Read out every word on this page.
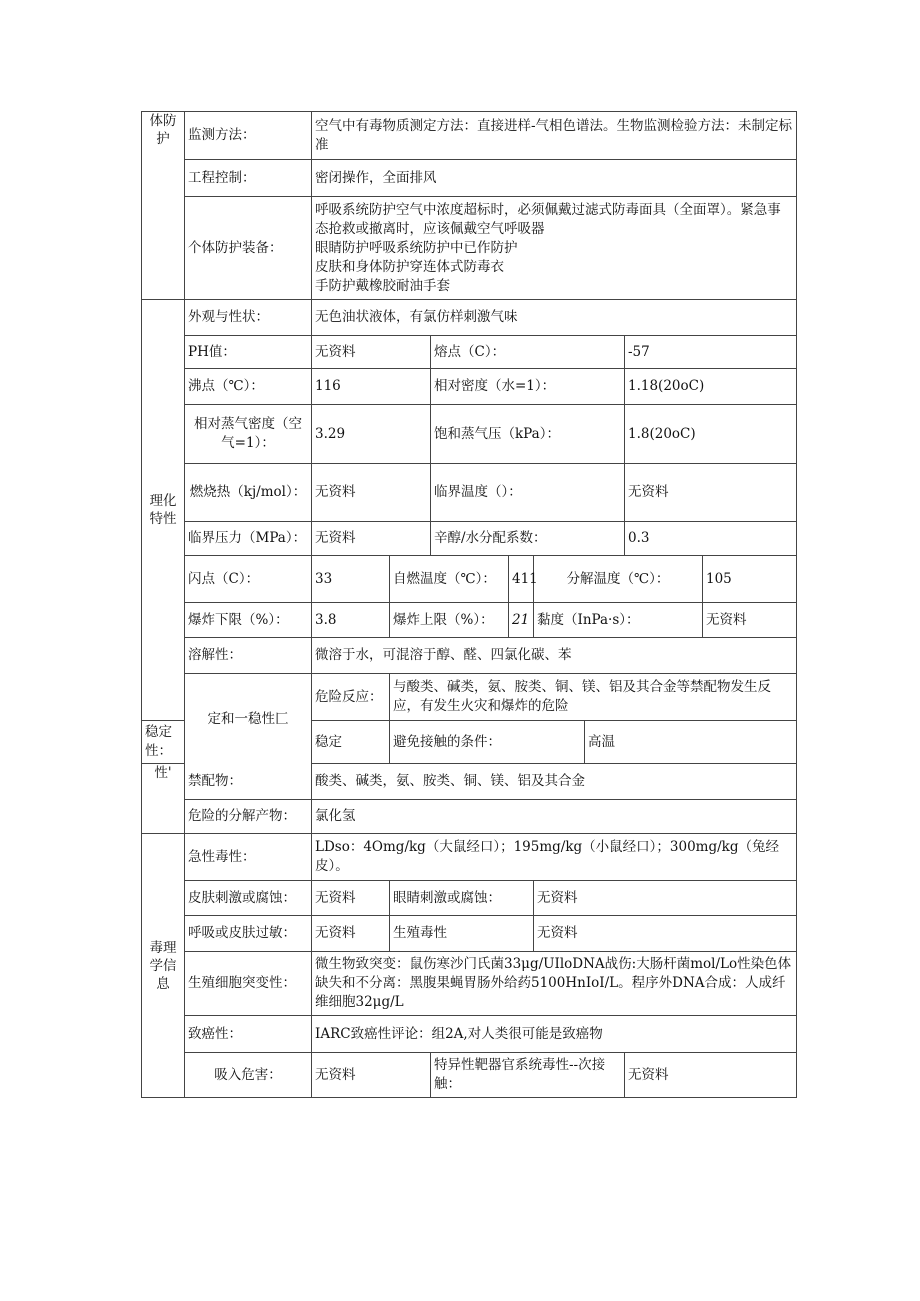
体防护	监测方法：	空气中有毒物质测定方法：直接进样-气相色谱法。生物监测检验方法：未制定标准							
	工程控制：	密闭操作，全面排风							
	个体防护装备：	呼吸系统防护空气中浓度超标时，必须佩戴过滤式防毒面具（全面罩）。紧急事态抢救或撤离时，应该佩戴空气呼吸器
眼睛防护呼吸系统防护中已作防护
皮肤和身体防护穿连体式防毒衣
手防护戴橡胶耐油手套							

理化特性	外观与性状：	无色油状液体，有氯仿样刺激气味							
	PH值：	无资料		熔点（C）：				-57	
	沸点（℃）：	116		相对密度（水=1）：				1.18(20oC)	
	相对蒸气密度（空气=1）：	3.29		饱和蒸气压（kPa）：				1.8(20oC)	
	燃烧热（kj/mol）：	无资料		临界温度（）：				无资料	
	临界压力（MPa）：	无资料		辛醇/水分配系数：				0.3	
	闪点（C）：	33	自燃温度（℃）：		411	分解温度（℃）：			105
	爆炸下限（%）：	3.8	爆炸上限（%）：		21	黏度（InPa·s）：			无资料
	溶解性：	微溶于水，可混溶于醇、醛、四氯化碳、苯							
	定和一稳性匚	危险反应：	与酸类、碱类，氨、胺类、铜、镁、铝及其合金等禁配物发生反应，有发生火灾和爆炸的危险						
稳定性：		稳定	避免接触的条件：				高温		
性'	禁配物：	酸类、碱类，氨、胺类、铜、镁、铝及其合金							
	危险的分解产物：	氯化氢							
毒理学信息	急性毒性：	LDso：4Omg/kg（大鼠经口）；195mg/kg（小鼠经口）；300mg/kg（兔经皮）。							
	皮肤刺激或腐蚀：	无资料	眼睛刺激或腐蚀：			无资料			
	呼吸或皮肤过敏：	无资料	生殖毒性			无资料			
	生殖细胞突变性：	微生物致突变：鼠伤寒沙门氏菌33μg/UIloDNA战伤:大肠杆菌mol/Lo性染色体缺失和不分离：黑腹果蝇胃肠外给药5100HnIoI/L。程序外DNA合成：人成纤维细胞32μg/L							
	致癌性：	IARC致癌性评论：组2A,对人类很可能是致癌物							
	吸入危害：	无资料		特异性靶器官系统毒性--次接触：				无资料	
